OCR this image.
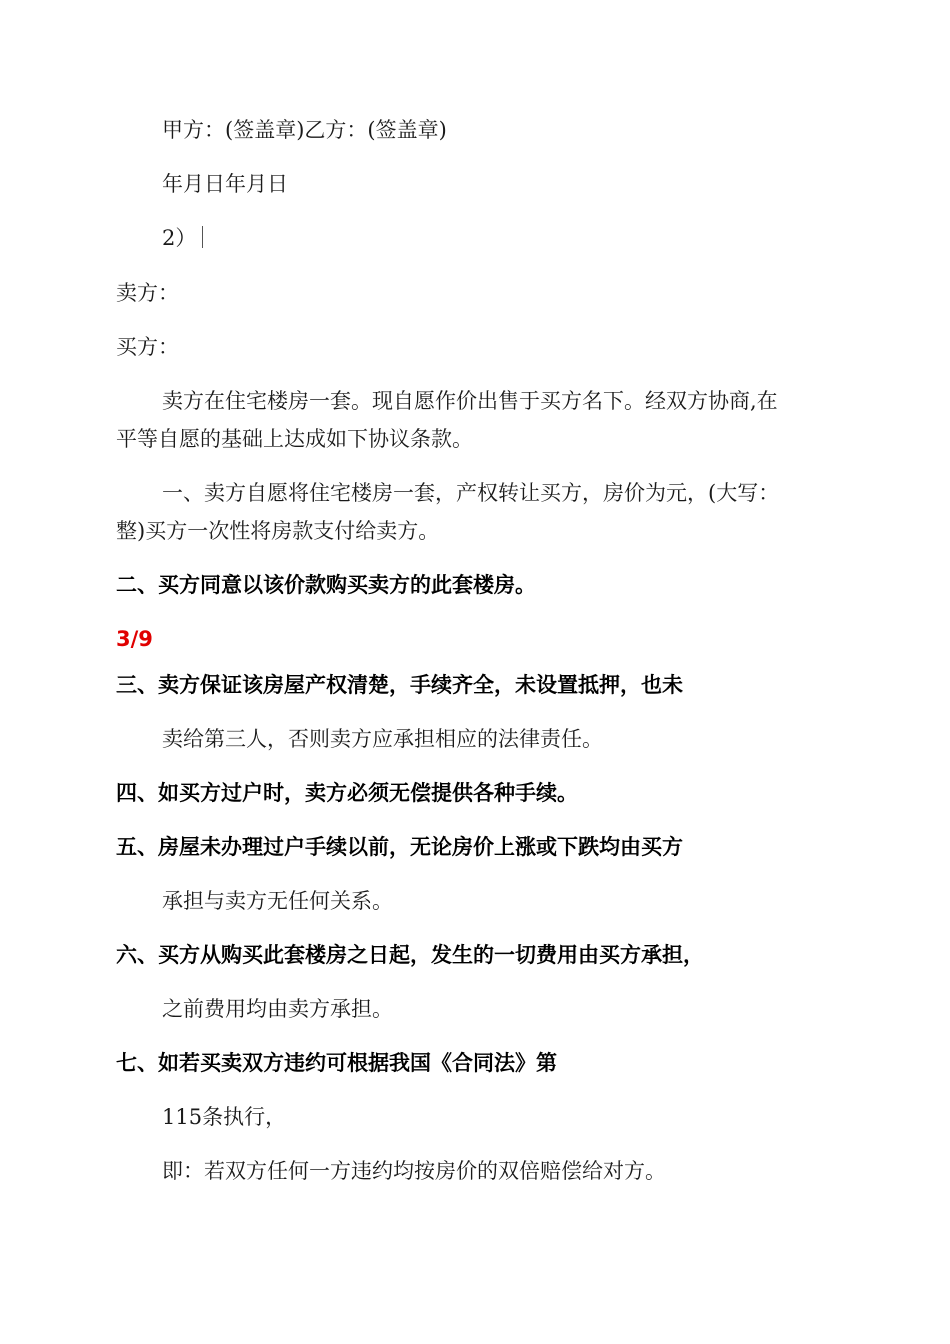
甲方：(签盖章)乙方：(签盖章)
年月日年月日
2）
卖方：
买方：
卖方在住宅楼房一套。现自愿作价出售于买方名下。经双方协商,在
平等自愿的基础上达成如下协议条款。
一、卖方自愿将住宅楼房一套，产权转让买方，房价为元，(大写：
整)买方一次性将房款支付给卖方。
二、买方同意以该价款购买卖方的此套楼房。
3/9
三、卖方保证该房屋产权清楚，手续齐全，未设置抵押，也未
卖给第三人，否则卖方应承担相应的法律责任。
四、如买方过户时，卖方必须无偿提供各种手续。
五、房屋未办理过户手续以前，无论房价上涨或下跌均由买方
承担与卖方无任何关系。
六、买方从购买此套楼房之日起，发生的一切费用由买方承担，
之前费用均由卖方承担。
七、如若买卖双方违约可根据我国《合同法》第
115条执行，
即：若双方任何一方违约均按房价的双倍赔偿给对方。
